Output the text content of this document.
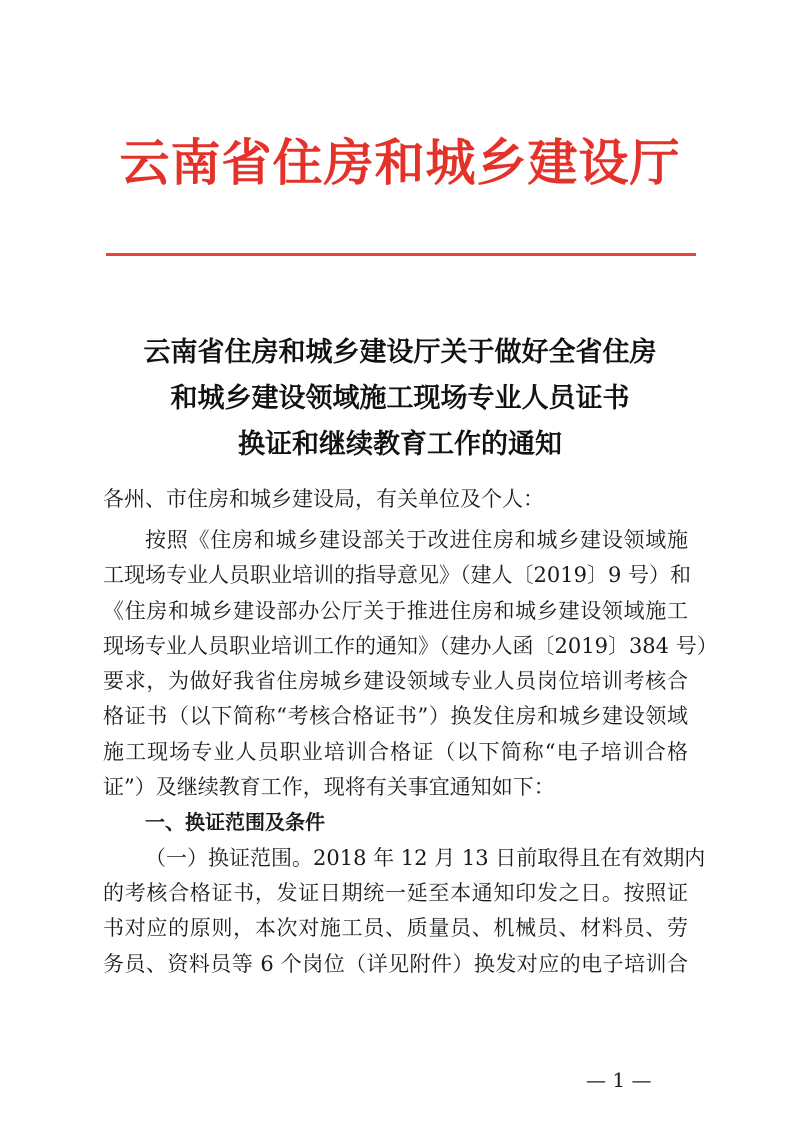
云南省住房和城乡建设厅
云南省住房和城乡建设厅关于做好全省住房
和城乡建设领域施工现场专业人员证书
换证和继续教育工作的通知
各州、市住房和城乡建设局，有关单位及个人：
按照《住房和城乡建设部关于改进住房和城乡建设领域施
工现场专业人员职业培训的指导意见》（建人〔2019〕9 号）和
《住房和城乡建设部办公厅关于推进住房和城乡建设领域施工
现场专业人员职业培训工作的通知》（建办人函〔2019〕384 号）
要求，为做好我省住房城乡建设领域专业人员岗位培训考核合
格证书（以下简称“考核合格证书”）换发住房和城乡建设领域
施工现场专业人员职业培训合格证（以下简称“电子培训合格
证”）及继续教育工作，现将有关事宜通知如下：
一、换证范围及条件
（一）换证范围。2018 年 12 月 13 日前取得且在有效期内
的考核合格证书，发证日期统一延至本通知印发之日。按照证
书对应的原则，本次对施工员、质量员、机械员、材料员、劳
务员、资料员等 6 个岗位（详见附件）换发对应的电子培训合
— 1 —
